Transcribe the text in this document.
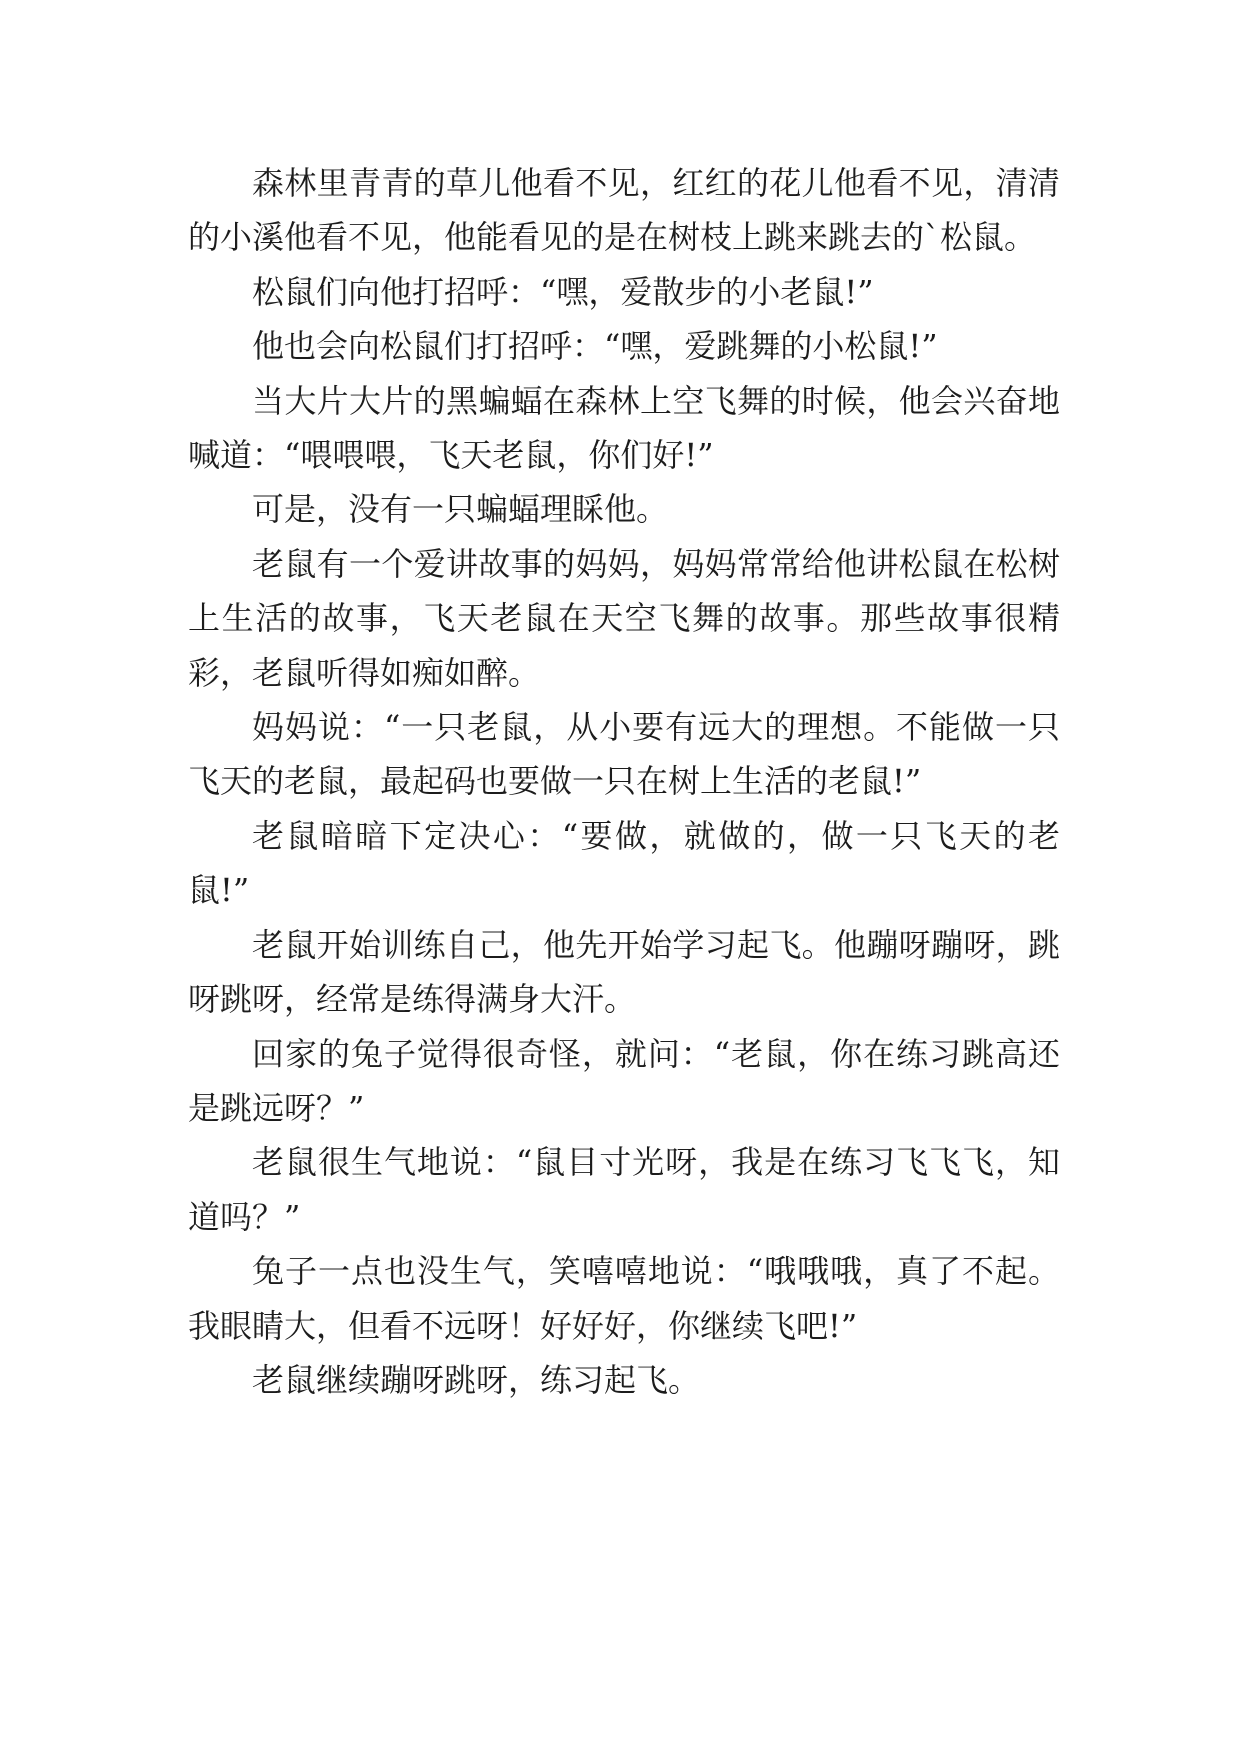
森林里青青的草儿他看不见，红红的花儿他看不见，清清的小溪他看不见，他能看见的是在树枝上跳来跳去的`松鼠。

松鼠们向他打招呼：“嘿，爱散步的小老鼠!”

他也会向松鼠们打招呼：“嘿，爱跳舞的小松鼠!”

当大片大片的黑蝙蝠在森林上空飞舞的时候，他会兴奋地喊道：“喂喂喂，飞天老鼠，你们好!”

可是，没有一只蝙蝠理睬他。

老鼠有一个爱讲故事的妈妈，妈妈常常给他讲松鼠在松树上生活的故事，飞天老鼠在天空飞舞的故事。那些故事很精彩，老鼠听得如痴如醉。

妈妈说：“一只老鼠，从小要有远大的理想。不能做一只飞天的老鼠，最起码也要做一只在树上生活的老鼠!”

老鼠暗暗下定决心：“要做，就做的，做一只飞天的老鼠!”

老鼠开始训练自己，他先开始学习起飞。他蹦呀蹦呀，跳呀跳呀，经常是练得满身大汗。

回家的兔子觉得很奇怪，就问：“老鼠，你在练习跳高还是跳远呀？”

老鼠很生气地说：“鼠目寸光呀，我是在练习飞飞飞，知道吗？”

兔子一点也没生气，笑嘻嘻地说：“哦哦哦，真了不起。我眼睛大，但看不远呀！好好好，你继续飞吧!”

老鼠继续蹦呀跳呀，练习起飞。
